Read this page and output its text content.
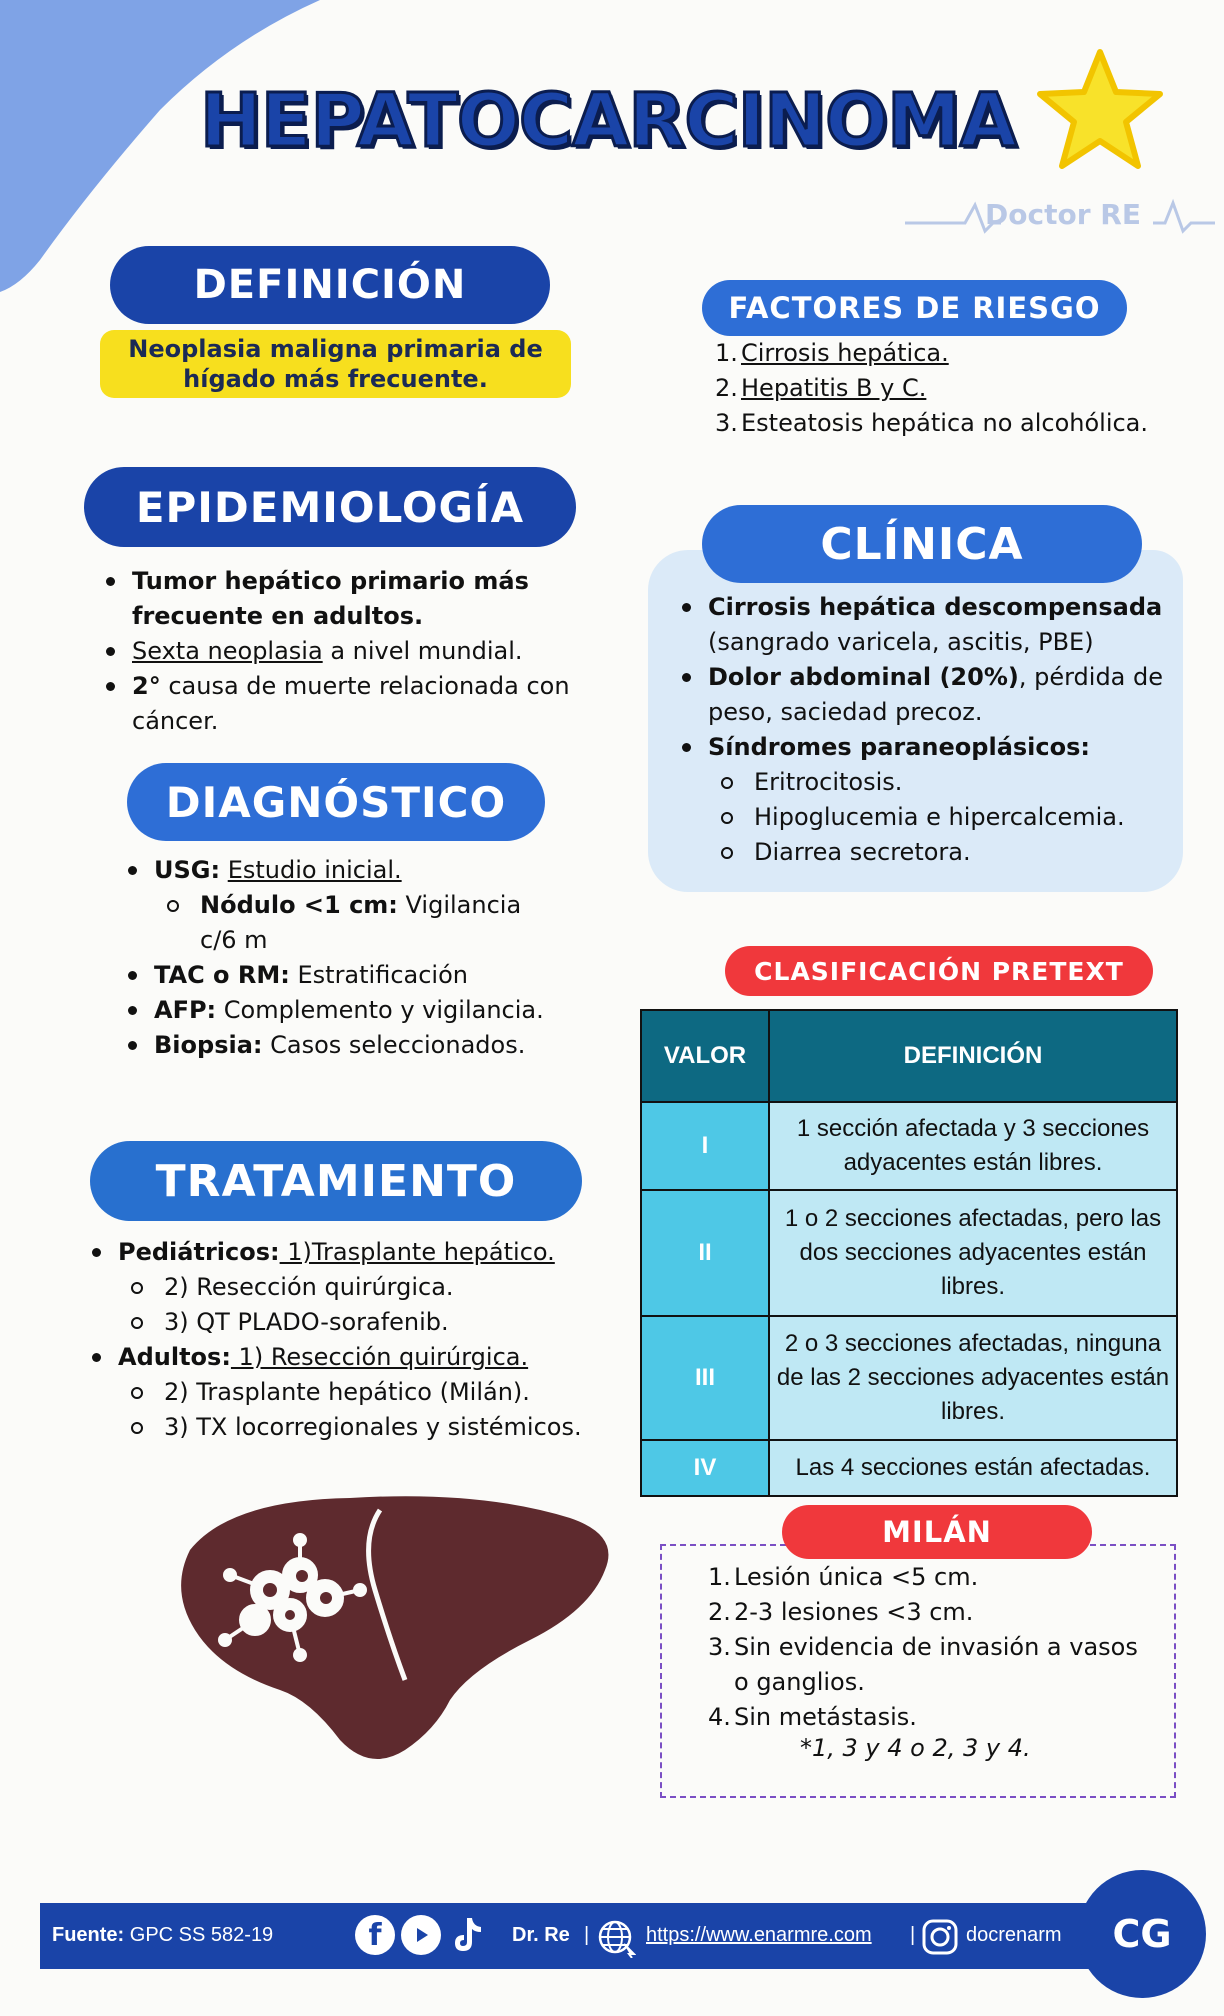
HEPATOCARCINOMA
Doctor RE
DEFINICIÓN
Neoplasia maligna primaria de hígado más frecuente.
FACTORES DE RIESGO
1. Cirrosis hepática.
2. Hepatitis B y C.
3. Esteatosis hepática no alcohólica.
EPIDEMIOLOGÍA
Tumor hepático primario más frecuente en adultos.
Sexta neoplasia a nivel mundial.
2° causa de muerte relacionada con cáncer.
CLÍNICA
Cirrosis hepática descompensada (sangrado varicela, ascitis, PBE)
Dolor abdominal (20%), pérdida de peso, saciedad precoz.
Síndromes paraneoplásicos:
Eritrocitosis.
Hipoglucemia e hipercalcemia.
Diarrea secretora.
DIAGNÓSTICO
USG: Estudio inicial.
Nódulo <1 cm: Vigilancia c/6 m
TAC o RM: Estratificación
AFP: Complemento y vigilancia.
Biopsia: Casos seleccionados.
CLASIFICACIÓN PRETEXT
VALOR	DEFINICIÓN
I	1 sección afectada y 3 secciones adyacentes están libres.
II	1 o 2 secciones afectadas, pero las dos secciones adyacentes están libres.
III	2 o 3 secciones afectadas, ninguna de las 2 secciones adyacentes están libres.
IV	Las 4 secciones están afectadas.
TRATAMIENTO
Pediátricos: 1)Trasplante hepático.
2) Resección quirúrgica.
3) QT PLADO-sorafenib.
Adultos: 1) Resección quirúrgica.
2) Trasplante hepático (Milán).
3) TX locorregionales y sistémicos.
MILÁN
1. Lesión única <5 cm.
2. 2-3 lesiones <3 cm.
3. Sin evidencia de invasión a vasos o ganglios.
4. Sin metástasis.
*1, 3 y 4 o 2, 3 y 4.
Fuente: GPC SS 582-19	f	Dr. Re |	https://www.enarmre.com |	docrenarm	CG
